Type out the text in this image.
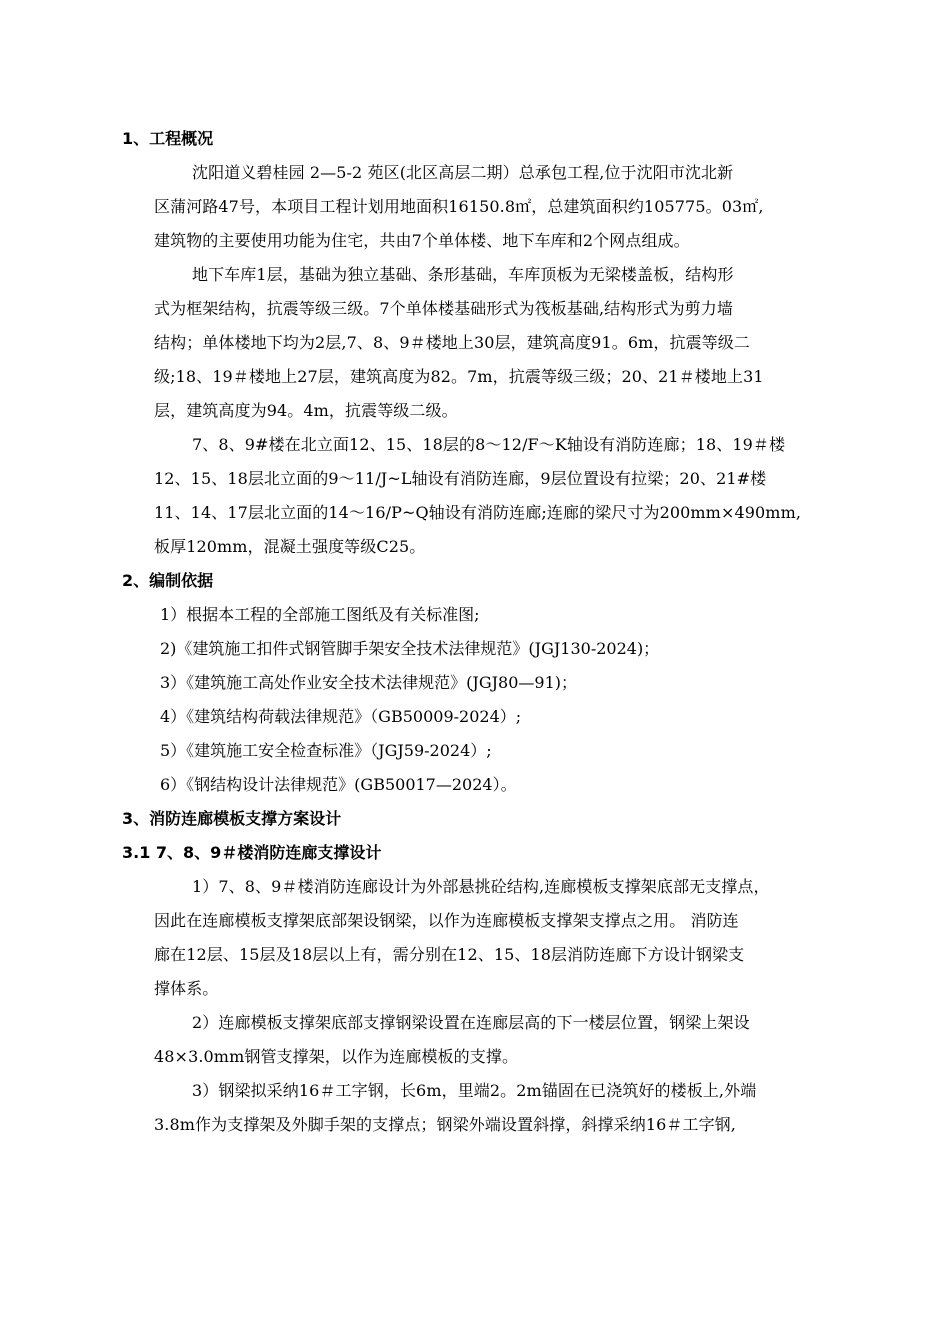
1、工程概况
沈阳道义碧桂园 2—5-2 苑区(北区高层二期）总承包工程,位于沈阳市沈北新
区蒲河路47号，本项目工程计划用地面积16150.8㎡，总建筑面积约105775。03㎡,
建筑物的主要使用功能为住宅，共由7个单体楼、地下车库和2个网点组成。
地下车库1层，基础为独立基础、条形基础，车库顶板为无梁楼盖板，结构形
式为框架结构，抗震等级三级。7个单体楼基础形式为筏板基础,结构形式为剪力墙
结构；单体楼地下均为2层,7、8、9＃楼地上30层，建筑高度91。6m，抗震等级二
级;18、19＃楼地上27层，建筑高度为82。7m，抗震等级三级；20、21＃楼地上31
层，建筑高度为94。4m，抗震等级二级。
7、8、9#楼在北立面12、15、18层的8～12/F～K轴设有消防连廊；18、19＃楼
12、15、18层北立面的9～11/J~L轴设有消防连廊，9层位置设有拉梁；20、21#楼
11、14、17层北立面的14～16/P~Q轴设有消防连廊;连廊的梁尺寸为200mm×490mm,
板厚120mm，混凝土强度等级C25。
2、编制依据
1）根据本工程的全部施工图纸及有关标准图;
2)《建筑施工扣件式钢管脚手架安全技术法律规范》(JGJ130-2024)；
3）《建筑施工高处作业安全技术法律规范》(JGJ80—91)；
4）《建筑结构荷载法律规范》（GB50009-2024）;
5）《建筑施工安全检查标准》（JGJ59-2024）;
6）《钢结构设计法律规范》(GB50017—2024）。
3、消防连廊模板支撑方案设计
3.1 7、8、9＃楼消防连廊支撑设计
1）7、8、9＃楼消防连廊设计为外部悬挑砼结构,连廊模板支撑架底部无支撑点，
因此在连廊模板支撑架底部架设钢梁，以作为连廊模板支撑架支撑点之用。 消防连
廊在12层、15层及18层以上有，需分别在12、15、18层消防连廊下方设计钢梁支
撑体系。
2）连廊模板支撑架底部支撑钢梁设置在连廊层高的下一楼层位置，钢梁上架设
48×3.0mm钢管支撑架，以作为连廊模板的支撑。
3）钢梁拟采纳16＃工字钢，长6m，里端2。2m锚固在已浇筑好的楼板上,外端
3.8m作为支撑架及外脚手架的支撑点；钢梁外端设置斜撑，斜撑采纳16＃工字钢,
